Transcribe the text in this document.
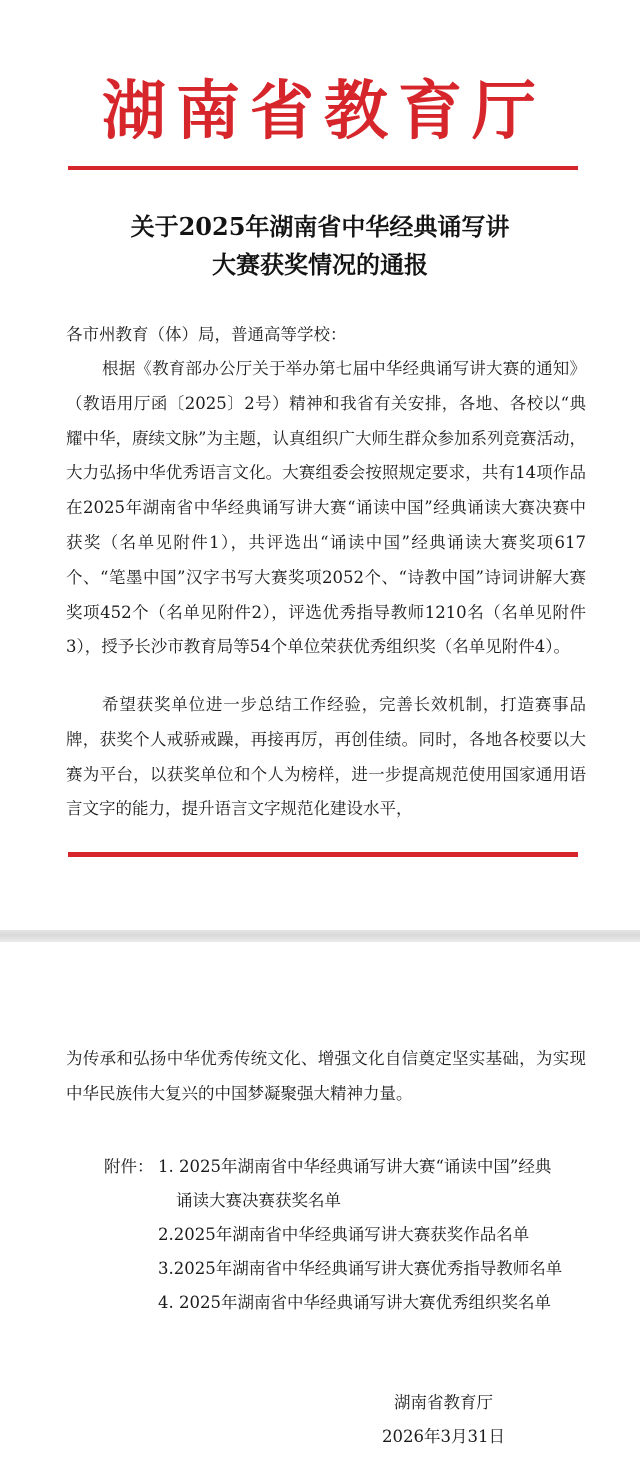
湖南省教育厅
关于2025年湖南省中华经典诵写讲
大赛获奖情况的通报

各市州教育（体）局，普通高等学校：

根据《教育部办公厅关于举办第七届中华经典诵写讲大赛的通知》（教语用厅函〔2025〕2号）精神和我省有关安排，各地、各校以“典耀中华，赓续文脉”为主题，认真组织广大师生群众参加系列竞赛活动，大力弘扬中华优秀语言文化。大赛组委会按照规定要求，共有14项作品在2025年湖南省中华经典诵写讲大赛“诵读中国”经典诵读大赛决赛中获奖（名单见附件1），共评选出“诵读中国”经典诵读大赛奖项617个、“笔墨中国”汉字书写大赛奖项2052个、“诗教中国”诗词讲解大赛奖项452个（名单见附件2），评选优秀指导教师1210名（名单见附件3），授予长沙市教育局等54个单位荣获优秀组织奖（名单见附件4）。

希望获奖单位进一步总结工作经验，完善长效机制，打造赛事品牌，获奖个人戒骄戒躁，再接再厉，再创佳绩。同时，各地各校要以大赛为平台，以获奖单位和个人为榜样，进一步提高规范使用国家通用语言文字的能力，提升语言文字规范化建设水平，

为传承和弘扬中华优秀传统文化、增强文化自信奠定坚实基础，为实现中华民族伟大复兴的中国梦凝聚强大精神力量。

附件： 1. 2025年湖南省中华经典诵写讲大赛“诵读中国”经典
诵读大赛决赛获奖名单
2.2025年湖南省中华经典诵写讲大赛获奖作品名单
3.2025年湖南省中华经典诵写讲大赛优秀指导教师名单
4. 2025年湖南省中华经典诵写讲大赛优秀组织奖名单
湖南省教育厅
2026年3月31日
